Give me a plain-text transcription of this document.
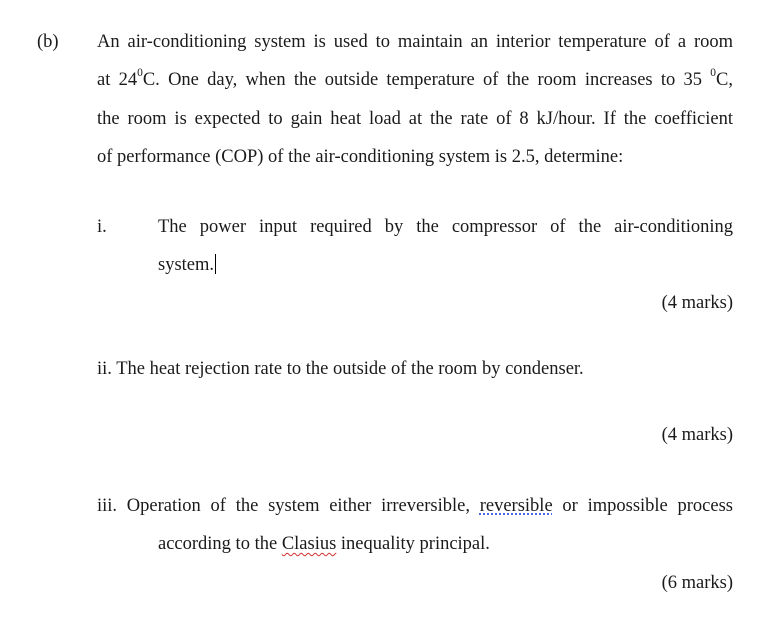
(b) An air-conditioning system is used to maintain an interior temperature of a room
at $24^0C$. One day, when the outside temperature of the room increases to 35 $^0$C,
the room is expected to gain heat load at the rate of 8 kJ/hour. If the coefficient
of performance (COP) of the air-conditioning system is 2.5, determine:
i.	The power input required by the compressor of the air-conditioning
system.
(4 marks)
ii. The heat rejection rate to the outside of the room by condenser.
(4 marks)
iii. Operation of the system either irreversible, reversible or impossible process
according to the Clasius inequality principal.
(6 marks)
